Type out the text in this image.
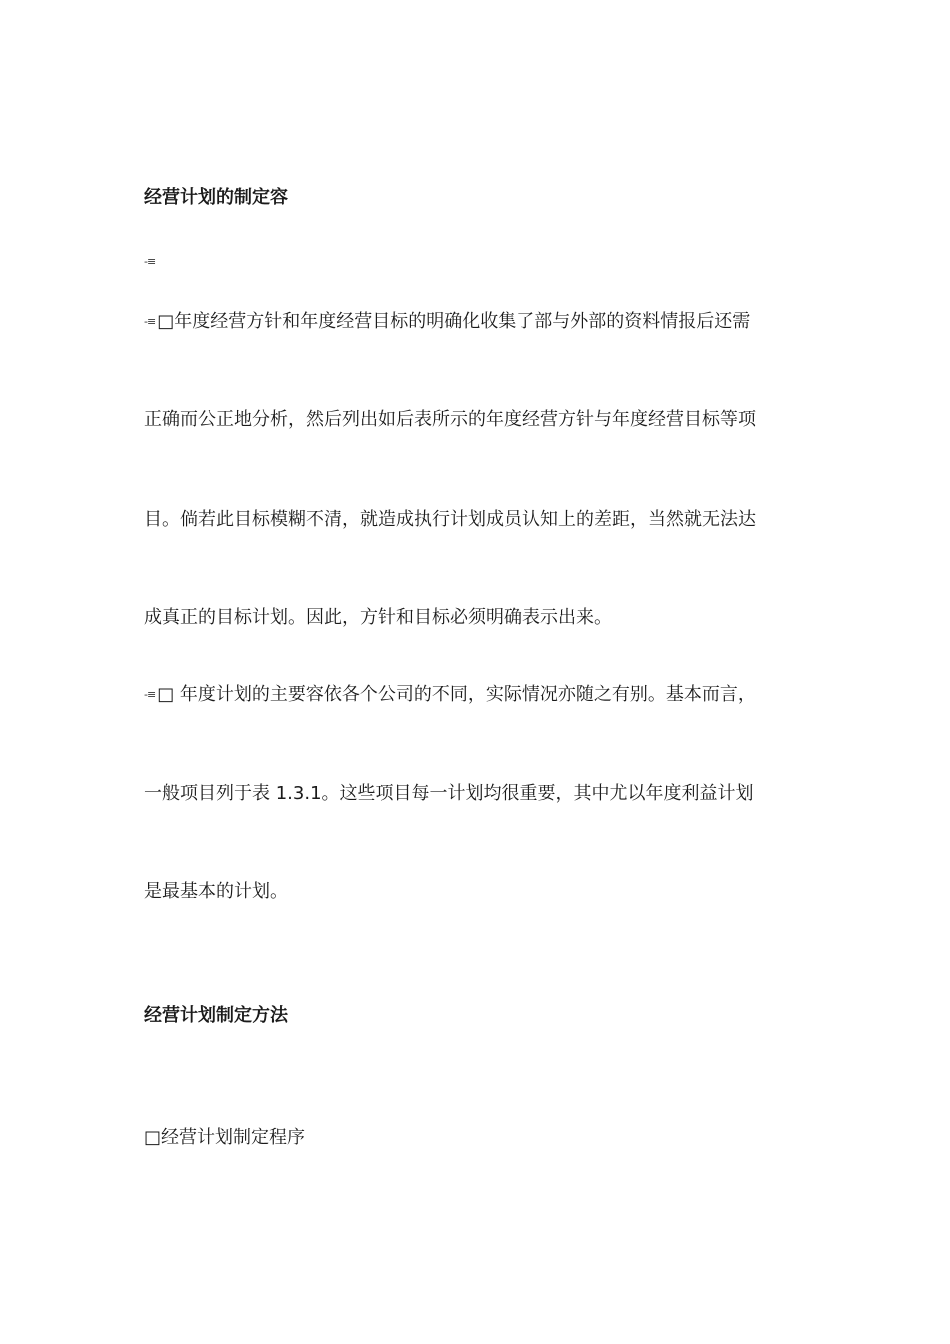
经营计划的制定容
-≡
-≡ □年度经营方针和年度经营目标的明确化收集了部与外部的资料情报后还需
正确而公正地分析，然后列出如后表所示的年度经营方针与年度经营目标等项
目。倘若此目标模糊不清，就造成执行计划成员认知上的差距，当然就无法达
成真正的目标计划。因此，方针和目标必须明确表示出来。
-≡ □ 年度计划的主要容依各个公司的不同，实际情况亦随之有别。基本而言，
一般项目列于表 1.3.1。这些项目每一计划均很重要，其中尤以年度利益计划
是最基本的计划。
经营计划制定方法
□经营计划制定程序
